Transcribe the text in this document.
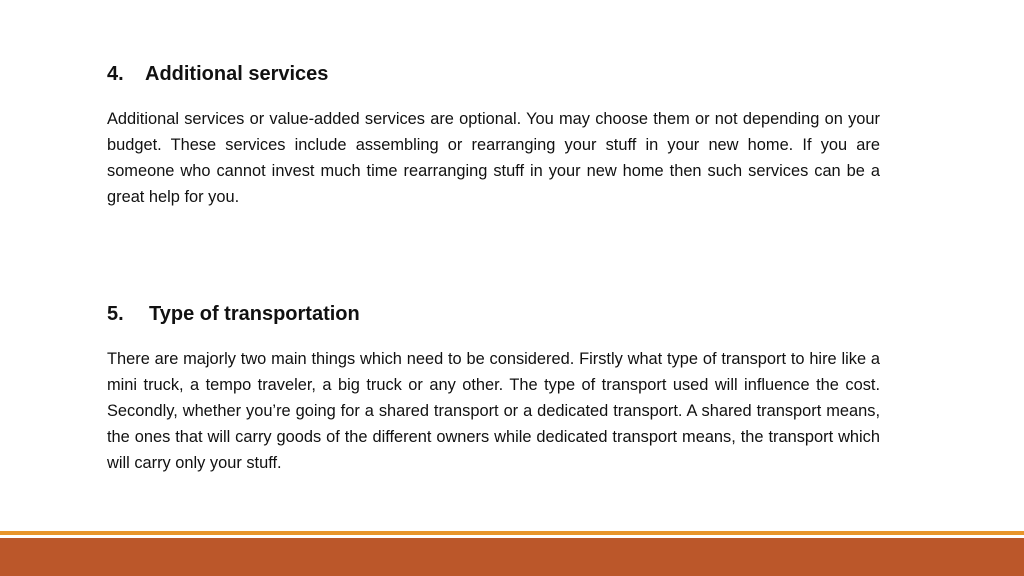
4.	Additional services

Additional services or value-added services are optional. You may choose them or not depending on your budget. These services include assembling or rearranging your stuff in your new home. If you are someone who cannot invest much time rearranging stuff in your new home then such services can be a great help for you.

5.	Type of transportation

There are majorly two main things which need to be considered. Firstly what type of transport to hire like a mini truck, a tempo traveler, a big truck or any other. The type of transport used will influence the cost. Secondly, whether you’re going for a shared transport or a dedicated transport. A shared transport means, the ones that will carry goods of the different owners while dedicated transport means, the transport which will carry only your stuff.
